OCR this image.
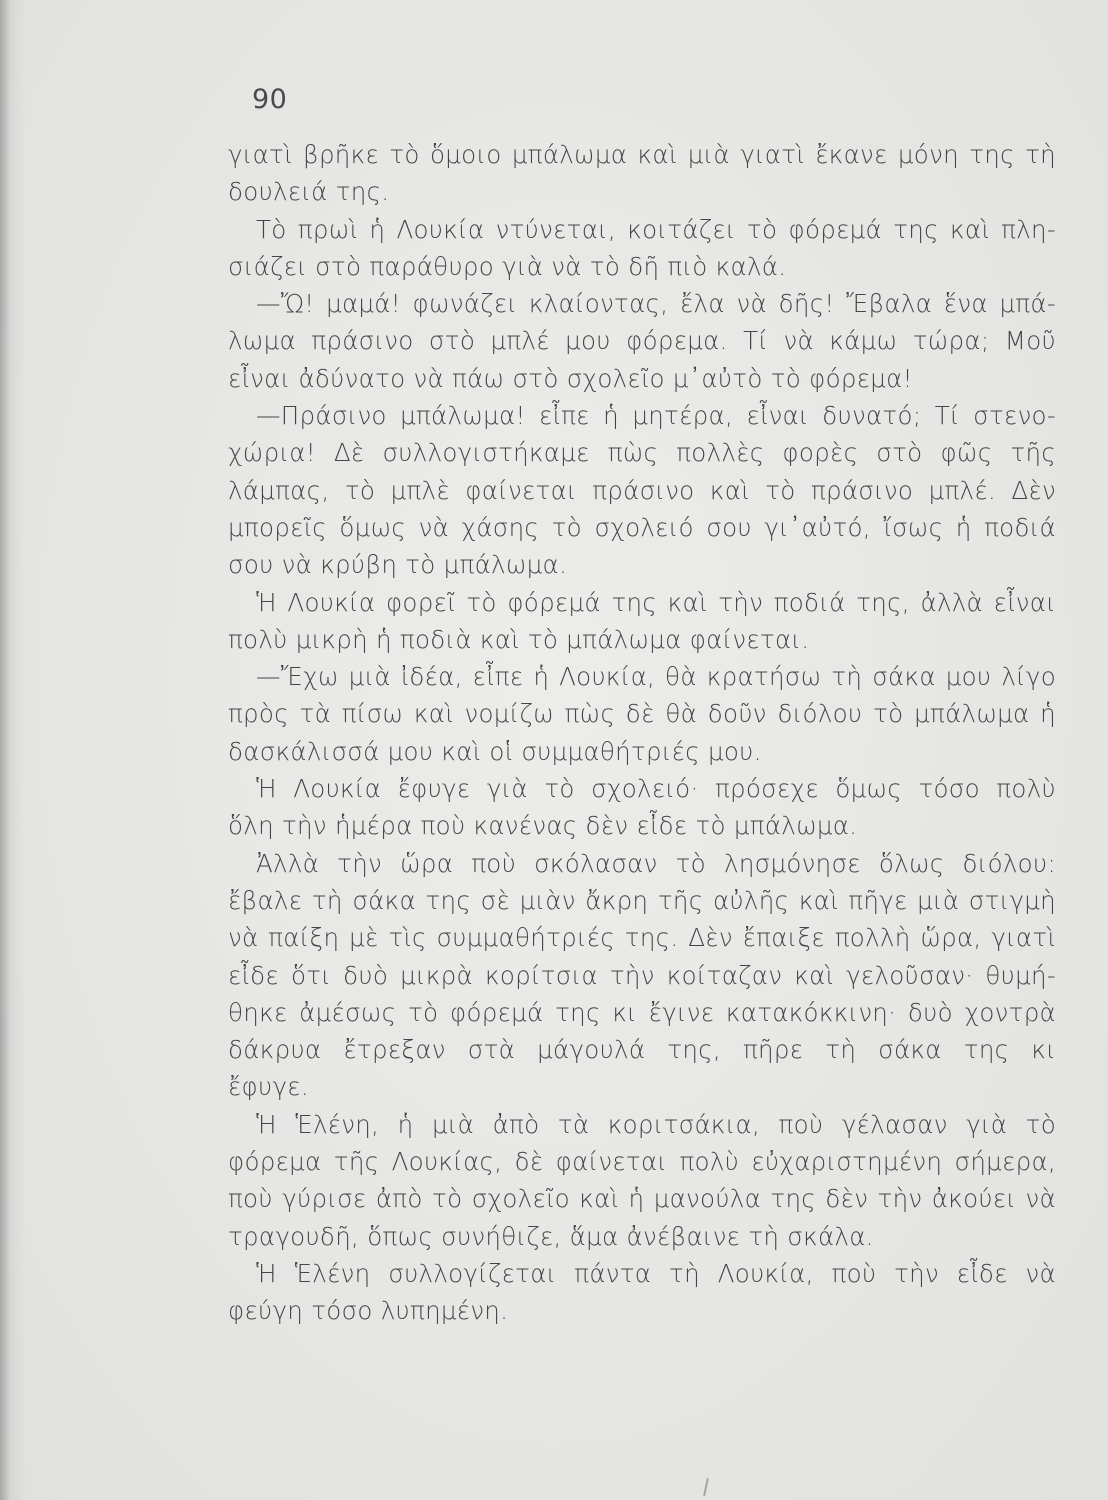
90
γιατὶ βρῆκε τὸ ὅμοιο μπάλωμα καὶ μιὰ γιατὶ ἔκανε μόνη της τὴ
δουλειά της.
Τὸ πρωὶ ἡ Λουκία ντύνεται, κοιτάζει τὸ φόρεμά της καὶ πλη-
σιάζει στὸ παράθυρο γιὰ νὰ τὸ δῆ πιὸ καλά.
—Ὤ! μαμά! φωνάζει κλαίοντας, ἔλα νὰ δῆς! Ἔβαλα ἕνα μπά-
λωμα πράσινο στὸ μπλέ μου φόρεμα. Τί νὰ κάμω τώρα; Μοῦ
εἶναι ἀδύνατο νὰ πάω στὸ σχολεῖο μ᾽αὐτὸ τὸ φόρεμα!
—Πράσινο μπάλωμα! εἶπε ἡ μητέρα, εἶναι δυνατό; Τί στενο-
χώρια! Δὲ συλλογιστήκαμε πὼς πολλὲς φορὲς στὸ φῶς τῆς
λάμπας, τὸ μπλὲ φαίνεται πράσινο καὶ τὸ πράσινο μπλέ. Δὲν
μπορεῖς ὅμως νὰ χάσης τὸ σχολειό σου γι᾽αὐτό, ἴσως ἡ ποδιά
σου νὰ κρύβη τὸ μπάλωμα.
Ἡ Λουκία φορεῖ τὸ φόρεμά της καὶ τὴν ποδιά της, ἀλλὰ εἶναι
πολὺ μικρὴ ἡ ποδιὰ καὶ τὸ μπάλωμα φαίνεται.
—Ἔχω μιὰ ἰδέα, εἶπε ἡ Λουκία, θὰ κρατήσω τὴ σάκα μου λίγο
πρὸς τὰ πίσω καὶ νομίζω πὼς δὲ θὰ δοῦν διόλου τὸ μπάλωμα ἡ
δασκάλισσά μου καὶ οἱ συμμαθήτριές μου.
Ἡ Λουκία ἔφυγε γιὰ τὸ σχολειό· πρόσεχε ὅμως τόσο πολὺ
ὅλη τὴν ἡμέρα ποὺ κανένας δὲν εἶδε τὸ μπάλωμα.
Ἀλλὰ τὴν ὥρα ποὺ σκόλασαν τὸ λησμόνησε ὅλως διόλου:
ἔβαλε τὴ σάκα της σὲ μιὰν ἄκρη τῆς αὐλῆς καὶ πῆγε μιὰ στιγμὴ
νὰ παίξη μὲ τὶς συμμαθήτριές της. Δὲν ἔπαιξε πολλὴ ὥρα, γιατὶ
εἶδε ὅτι δυὸ μικρὰ κορίτσια τὴν κοίταζαν καὶ γελοῦσαν· θυμή-
θηκε ἀμέσως τὸ φόρεμά της κι ἔγινε κατακόκκινη· δυὸ χοντρὰ
δάκρυα ἔτρεξαν στὰ μάγουλά της, πῆρε τὴ σάκα της κι
ἔφυγε.
Ἡ Ἑλένη, ἡ μιὰ ἀπὸ τὰ κοριτσάκια, ποὺ γέλασαν γιὰ τὸ
φόρεμα τῆς Λουκίας, δὲ φαίνεται πολὺ εὐχαριστημένη σήμερα,
ποὺ γύρισε ἀπὸ τὸ σχολεῖο καὶ ἡ μανούλα της δὲν τὴν ἀκούει νὰ
τραγουδῆ, ὅπως συνήθιζε, ἅμα ἀνέβαινε τὴ σκάλα.
Ἡ Ἑλένη συλλογίζεται πάντα τὴ Λουκία, ποὺ τὴν εἶδε νὰ
φεύγη τόσο λυπημένη.
